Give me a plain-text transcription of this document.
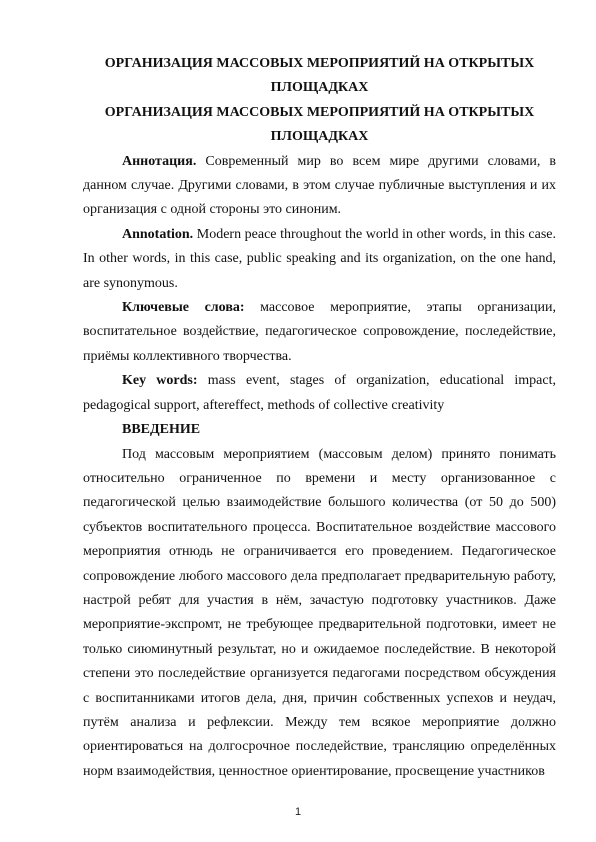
ОРГАНИЗАЦИЯ МАССОВЫХ МЕРОПРИЯТИЙ НА ОТКРЫТЫХ ПЛОЩАДКАХ
ОРГАНИЗАЦИЯ МАССОВЫХ МЕРОПРИЯТИЙ НА ОТКРЫТЫХ ПЛОЩАДКАХ

Аннотация. Современный мир во всем мире другими словами, в данном случае. Другими словами, в этом случае публичные выступления и их организация с одной стороны это синоним.

Annotation. Modern peace throughout the world in other words, in this case. In other words, in this case, public speaking and its organization, on the one hand, are synonymous.

Ключевые слова: массовое мероприятие, этапы организации, воспитательное воздействие, педагогическое сопровождение, последействие, приёмы коллективного творчества.

Key words: mass event, stages of organization, educational impact, pedagogical support, aftereffect, methods of collective creativity

ВВЕДЕНИЕ

Под массовым мероприятием (массовым делом) принято понимать относительно ограниченное по времени и месту организованное с педагогической целью взаимодействие большого количества (от 50 до 500) субъектов воспитательного процесса. Воспитательное воздействие массового мероприятия отнюдь не ограничивается его проведением. Педагогическое сопровождение любого массового дела предполагает предварительную работу, настрой ребят для участия в нём, зачастую подготовку участников. Даже мероприятие-экспромт, не требующее предварительной подготовки, имеет не только сиюминутный результат, но и ожидаемое последействие. В некоторой степени это последействие организуется педагогами посредством обсуждения с воспитанниками итогов дела, дня, причин собственных успехов и неудач, путём анализа и рефлексии. Между тем всякое мероприятие должно ориентироваться на долгосрочное последействие, трансляцию определённых норм взаимодействия, ценностное ориентирование, просвещение участников

1
